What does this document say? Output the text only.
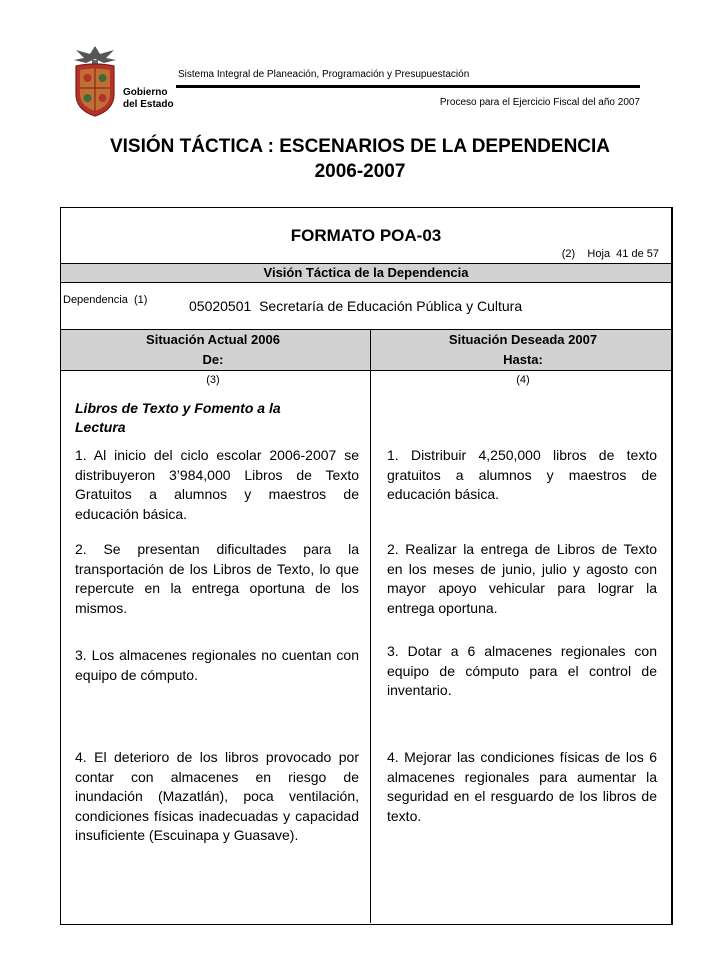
Gobierno
del Estado
Sistema Integral de Planeación, Programación y Presupuestación
Proceso para el Ejercicio Fiscal del año 2007
VISIÓN TÁCTICA : ESCENARIOS DE LA DEPENDENCIA
2006-2007
FORMATO POA-03
(2)    Hoja  41 de 57
Visión Táctica de la Dependencia
Dependencia  (1)	05020501  Secretaría de Educación Pública y Cultura
Situación Actual 2006
De:
Situación Deseada 2007
Hasta:
(3)	(4)
Libros de Texto y Fomento a la Lectura
1. Al inicio del ciclo escolar 2006-2007 se distribuyeron 3’984,000 Libros de Texto Gratuitos a alumnos y maestros de educación básica.
2. Se presentan dificultades para la transportación de los Libros de Texto, lo que repercute en la entrega oportuna de los mismos.
3. Los almacenes regionales no cuentan con equipo de cómputo.
4. El deterioro de los libros provocado por contar con almacenes en riesgo de inundación (Mazatlán), poca ventilación, condiciones físicas inadecuadas y capacidad insuficiente (Escuinapa y Guasave).
1. Distribuir 4,250,000 libros de texto gratuitos a alumnos y maestros de educación básica.
2. Realizar la entrega de Libros de Texto en los meses de junio, julio y agosto con mayor apoyo vehicular para lograr la entrega oportuna.
3. Dotar a 6 almacenes regionales con equipo de cómputo para el control de inventario.
4. Mejorar las condiciones físicas de los 6 almacenes regionales para aumentar la seguridad en el resguardo de los libros de texto.
